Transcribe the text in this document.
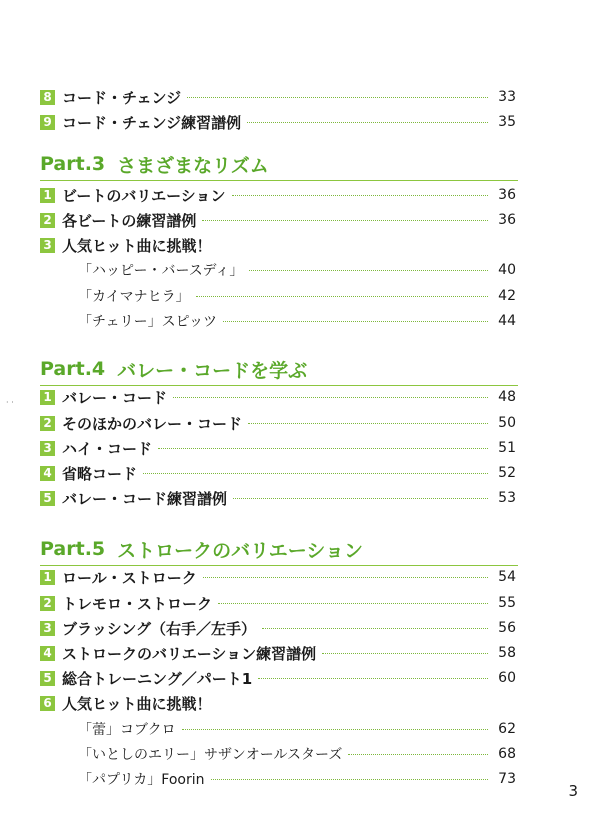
8 コード・チェンジ	33
9 コード・チェンジ練習譜例	35
Part.3 さまざまなリズム
1 ビートのバリエーション	36
2 各ビートの練習譜例	36
3 人気ヒット曲に挑戦！
「ハッピー・バースディ」	40
「カイマナヒラ」	42
「チェリー」スピッツ	44
Part.4 バレー・コードを学ぶ
1 バレー・コード	48
2 そのほかのバレー・コード	50
3 ハイ・コード	51
4 省略コード	52
5 バレー・コード練習譜例	53
Part.5 ストロークのバリエーション
1 ロール・ストローク	54
2 トレモロ・ストローク	55
3 ブラッシング（右手／左手）	56
4 ストロークのバリエーション練習譜例	58
5 総合トレーニング／パート1	60
6 人気ヒット曲に挑戦！
「蕾」コブクロ	62
「いとしのエリー」サザンオールスターズ	68
「パプリカ」Foorin	73
· ·
3
